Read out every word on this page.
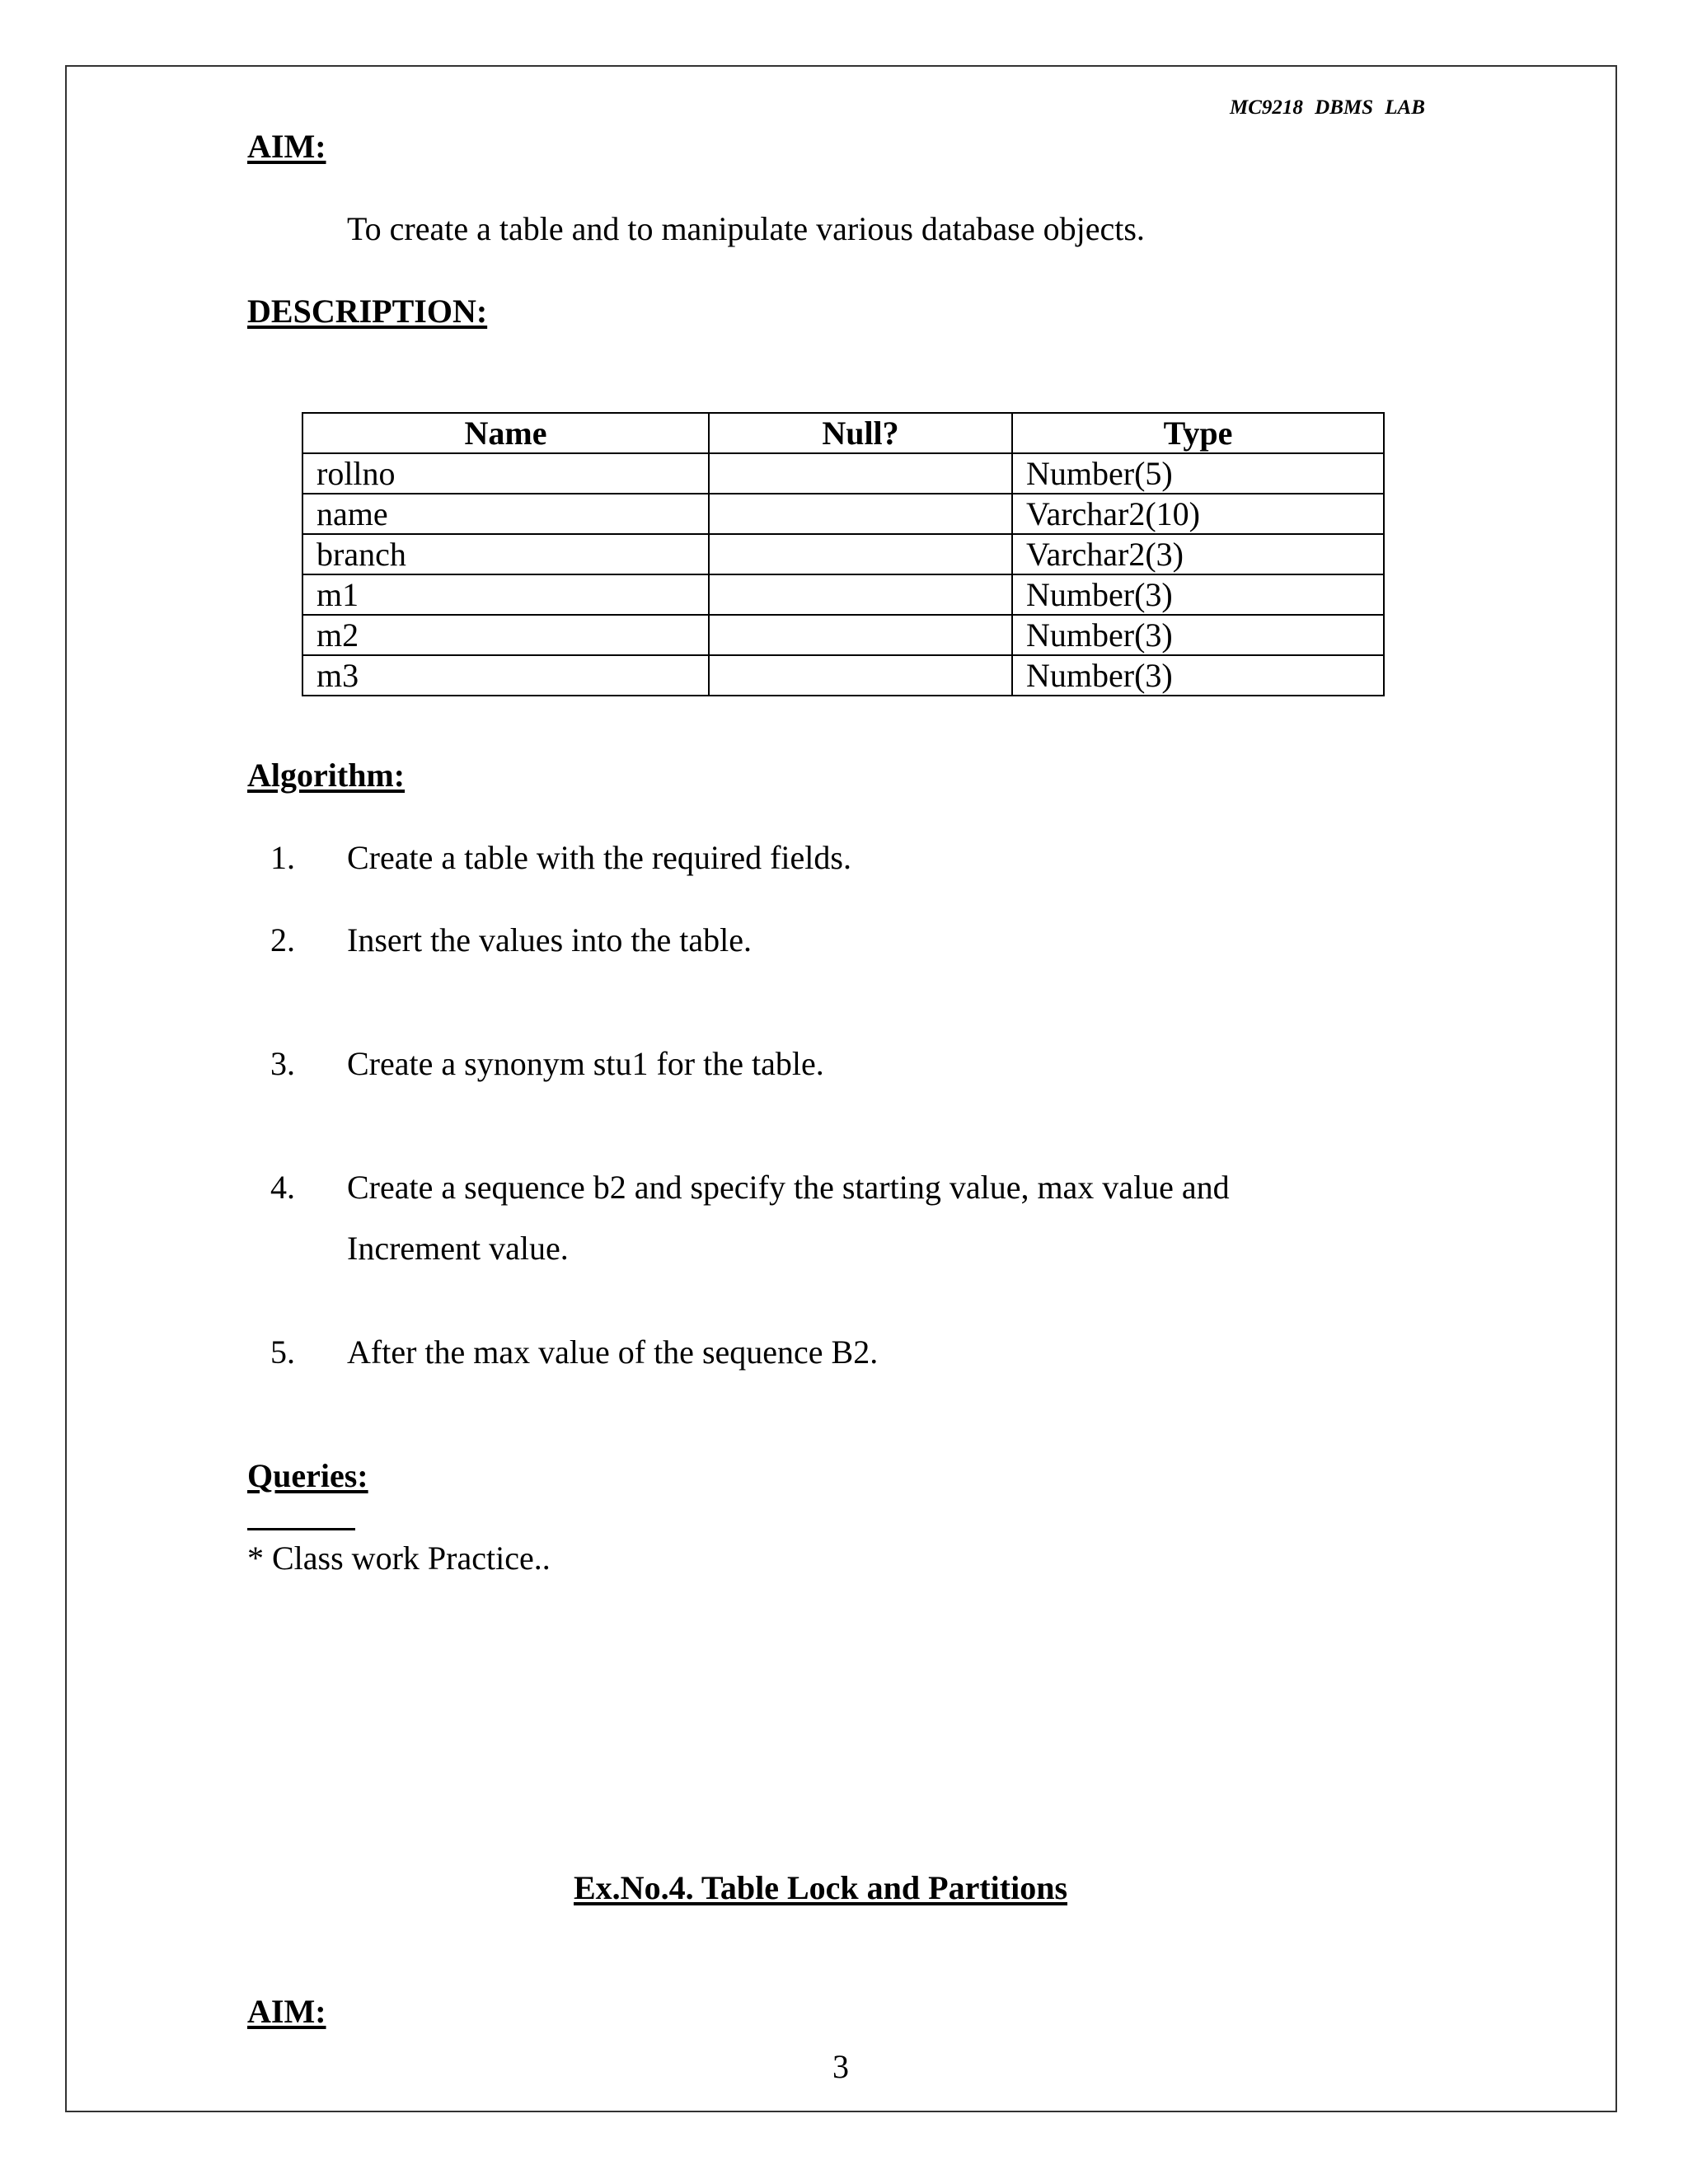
MC9218 DBMS LAB
AIM:
To create a table and to manipulate various database objects.
DESCRIPTION:
Name	Null?	Type
rollno		Number(5)
name		Varchar2(10)
branch		Varchar2(3)
m1		Number(3)
m2		Number(3)
m3		Number(3)
Algorithm:
1. Create a table with the required fields.
2. Insert the values into the table.
3. Create a synonym stu1 for the table.
4. Create a sequence b2 and specify the starting value, max value and
Increment value.
5. After the max value of the sequence B2.
Queries:
* Class work Practice..
Ex.No.4. Table Lock and Partitions
AIM:
3
